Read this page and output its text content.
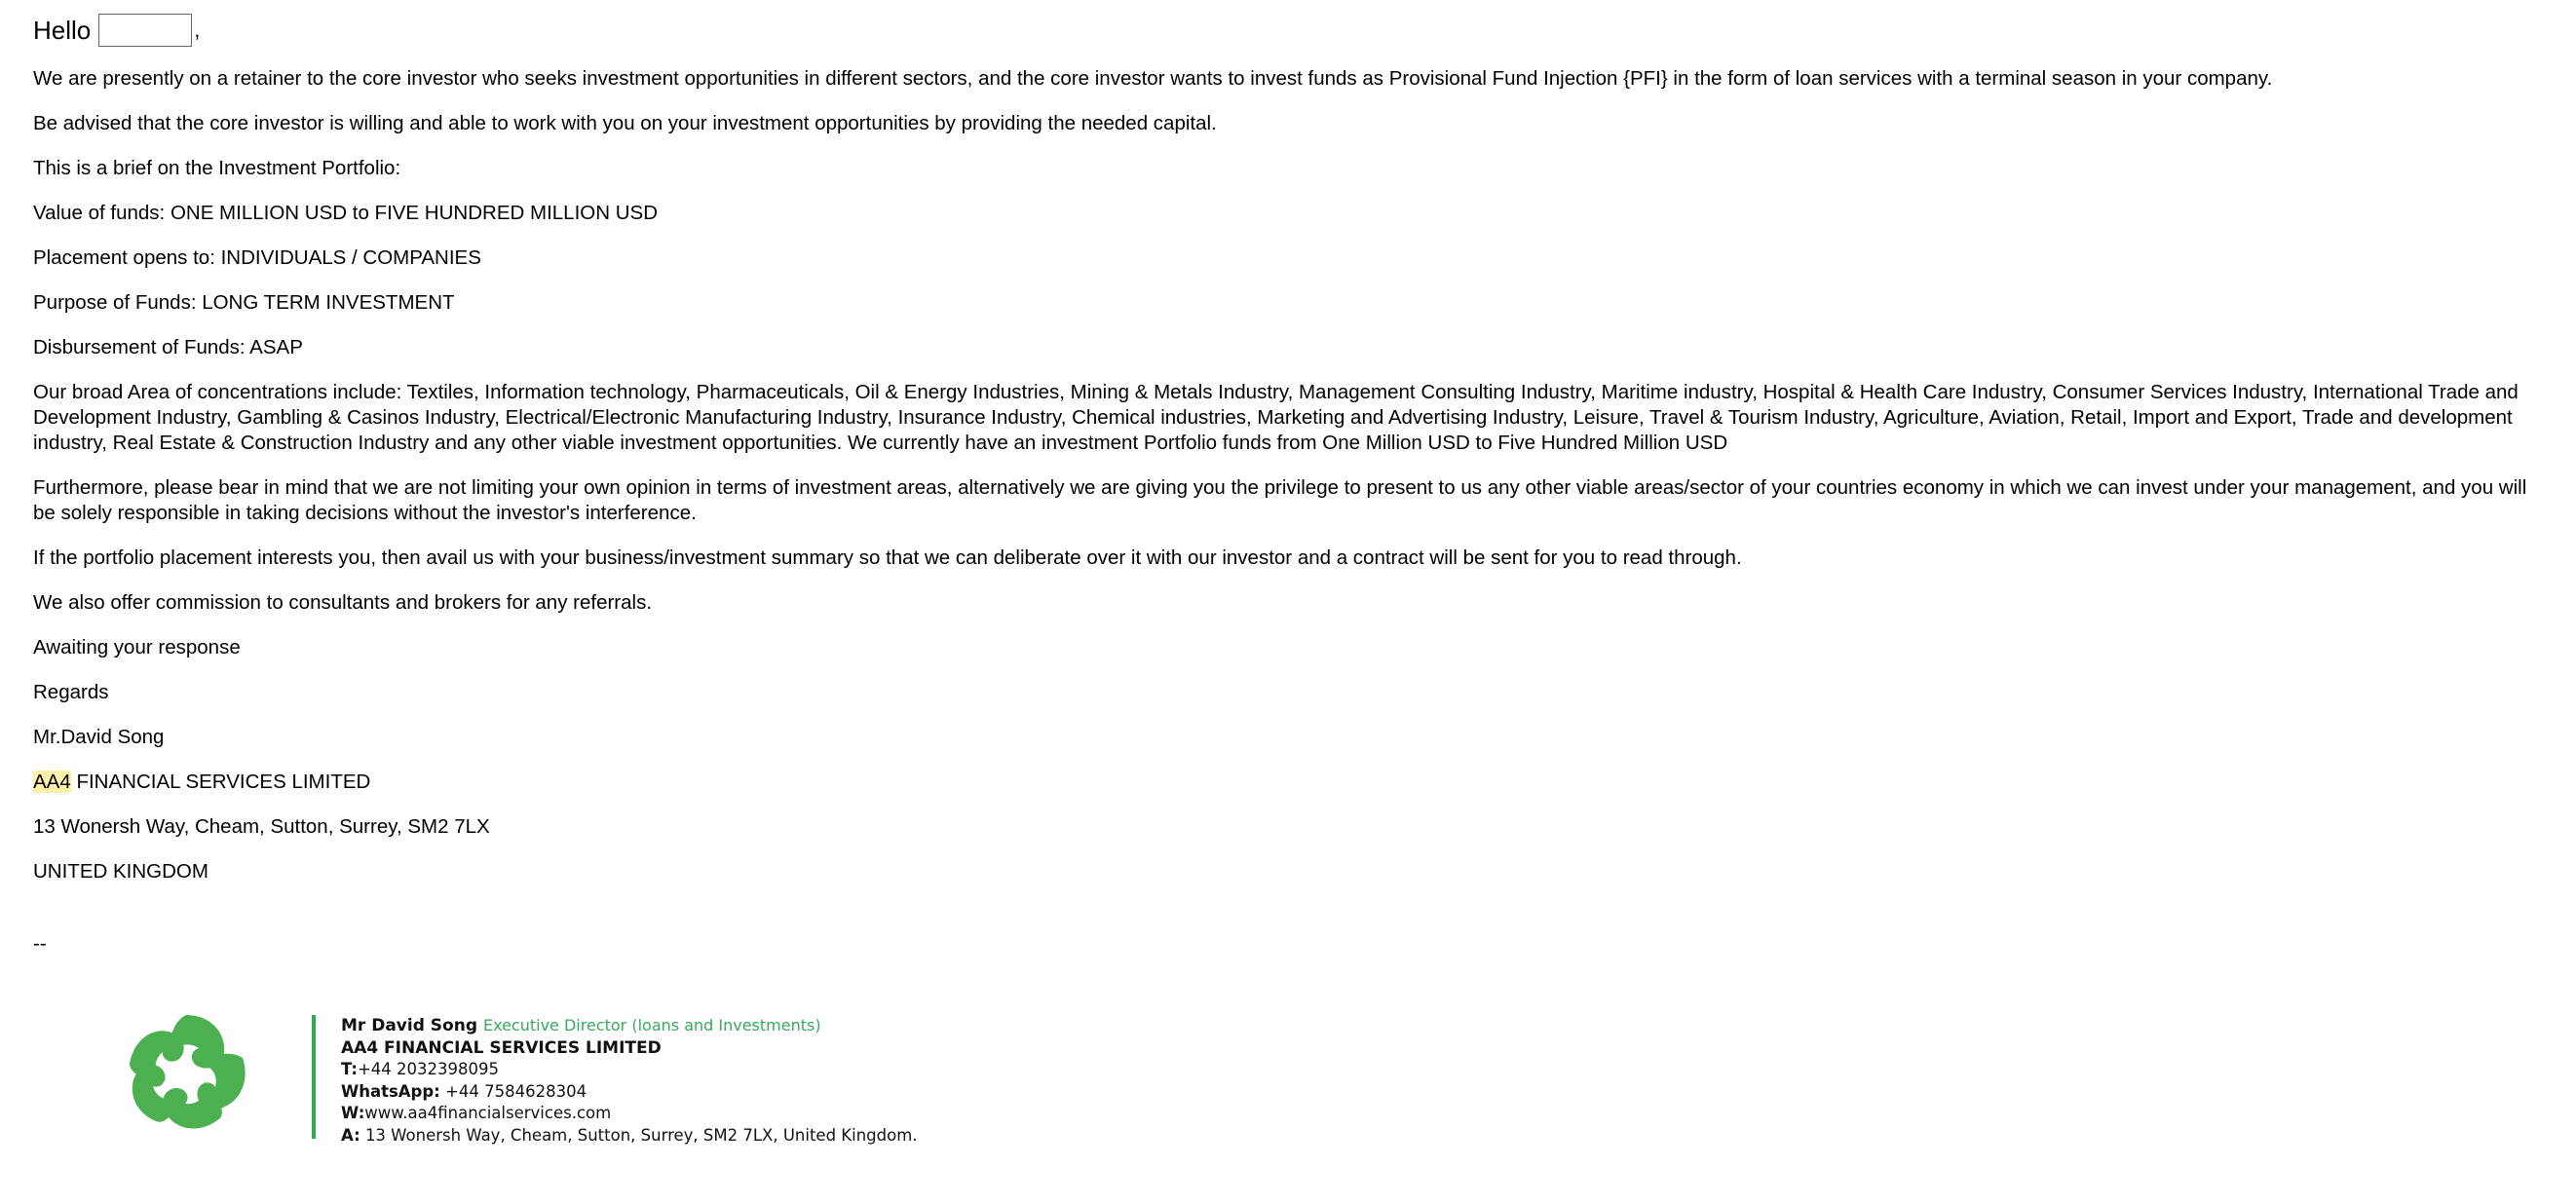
Hello	,

We are presently on a retainer to the core investor who seeks investment opportunities in different sectors, and the core investor wants to invest funds as Provisional Fund Injection {PFI} in the form of loan services with a terminal season in your company.

Be advised that the core investor is willing and able to work with you on your investment opportunities by providing the needed capital.

This is a brief on the Investment Portfolio:

Value of funds: ONE MILLION USD to FIVE HUNDRED MILLION USD

Placement opens to: INDIVIDUALS / COMPANIES

Purpose of Funds: LONG TERM INVESTMENT

Disbursement of Funds: ASAP

Our broad Area of concentrations include: Textiles, Information technology, Pharmaceuticals, Oil & Energy Industries, Mining & Metals Industry, Management Consulting Industry, Maritime industry, Hospital & Health Care Industry, Consumer Services Industry, International Trade and Development Industry, Gambling & Casinos Industry, Electrical/Electronic Manufacturing Industry, Insurance Industry, Chemical industries, Marketing and Advertising Industry, Leisure, Travel & Tourism Industry, Agriculture, Aviation, Retail, Import and Export, Trade and development industry, Real Estate & Construction Industry and any other viable investment opportunities. We currently have an investment Portfolio funds from One Million USD to Five Hundred Million USD

Furthermore, please bear in mind that we are not limiting your own opinion in terms of investment areas, alternatively we are giving you the privilege to present to us any other viable areas/sector of your countries economy in which we can invest under your management, and you will be solely responsible in taking decisions without the investor's interference.

If the portfolio placement interests you, then avail us with your business/investment summary so that we can deliberate over it with our investor and a contract will be sent for you to read through.

We also offer commission to consultants and brokers for any referrals.

Awaiting your response

Regards

Mr.David Song

AA4 FINANCIAL SERVICES LIMITED

13 Wonersh Way, Cheam, Sutton, Surrey, SM2 7LX

UNITED KINGDOM

--

Mr David Song Executive Director (loans and Investments)
AA4 FINANCIAL SERVICES LIMITED
T:+44 2032398095
WhatsApp: +44 7584628304
W:www.aa4financialservices.com
A: 13 Wonersh Way, Cheam, Sutton, Surrey, SM2 7LX, United Kingdom.
